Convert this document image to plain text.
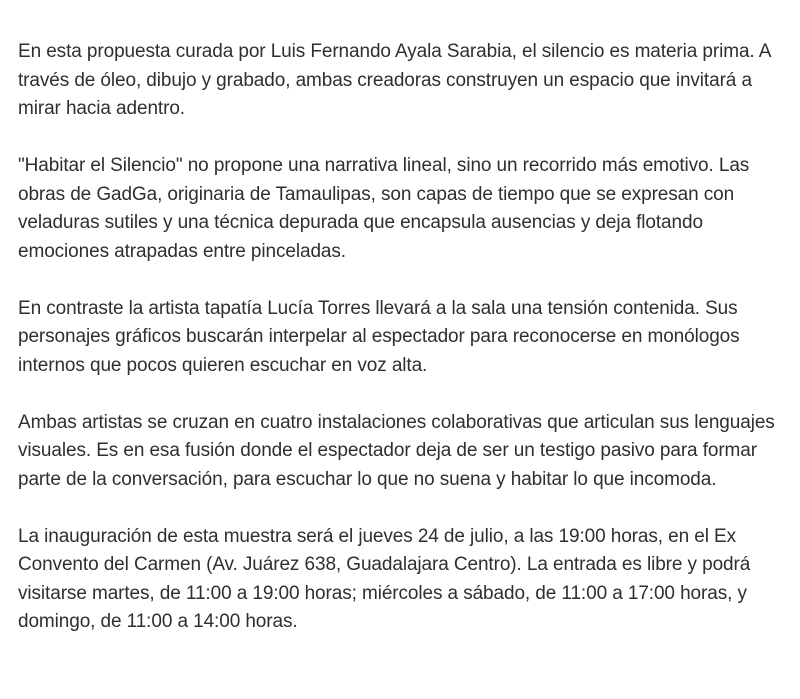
En esta propuesta curada por Luis Fernando Ayala Sarabia, el silencio es materia prima. A través de óleo, dibujo y grabado, ambas creadoras construyen un espacio que invitará a mirar hacia adentro.

"Habitar el Silencio" no propone una narrativa lineal, sino un recorrido más emotivo. Las obras de GadGa, originaria de Tamaulipas, son capas de tiempo que se expresan con veladuras sutiles y una técnica depurada que encapsula ausencias y deja flotando emociones atrapadas entre pinceladas.

En contraste la artista tapatía Lucía Torres llevará a la sala una tensión contenida. Sus personajes gráficos buscarán interpelar al espectador para reconocerse en monólogos internos que pocos quieren escuchar en voz alta.

Ambas artistas se cruzan en cuatro instalaciones colaborativas que articulan sus lenguajes visuales. Es en esa fusión donde el espectador deja de ser un testigo pasivo para formar parte de la conversación, para escuchar lo que no suena y habitar lo que incomoda.

La inauguración de esta muestra será el jueves 24 de julio, a las 19:00 horas, en el Ex Convento del Carmen (Av. Juárez 638, Guadalajara Centro). La entrada es libre y podrá visitarse martes, de 11:00 a 19:00 horas; miércoles a sábado, de 11:00 a 17:00 horas, y domingo, de 11:00 a 14:00 horas.
